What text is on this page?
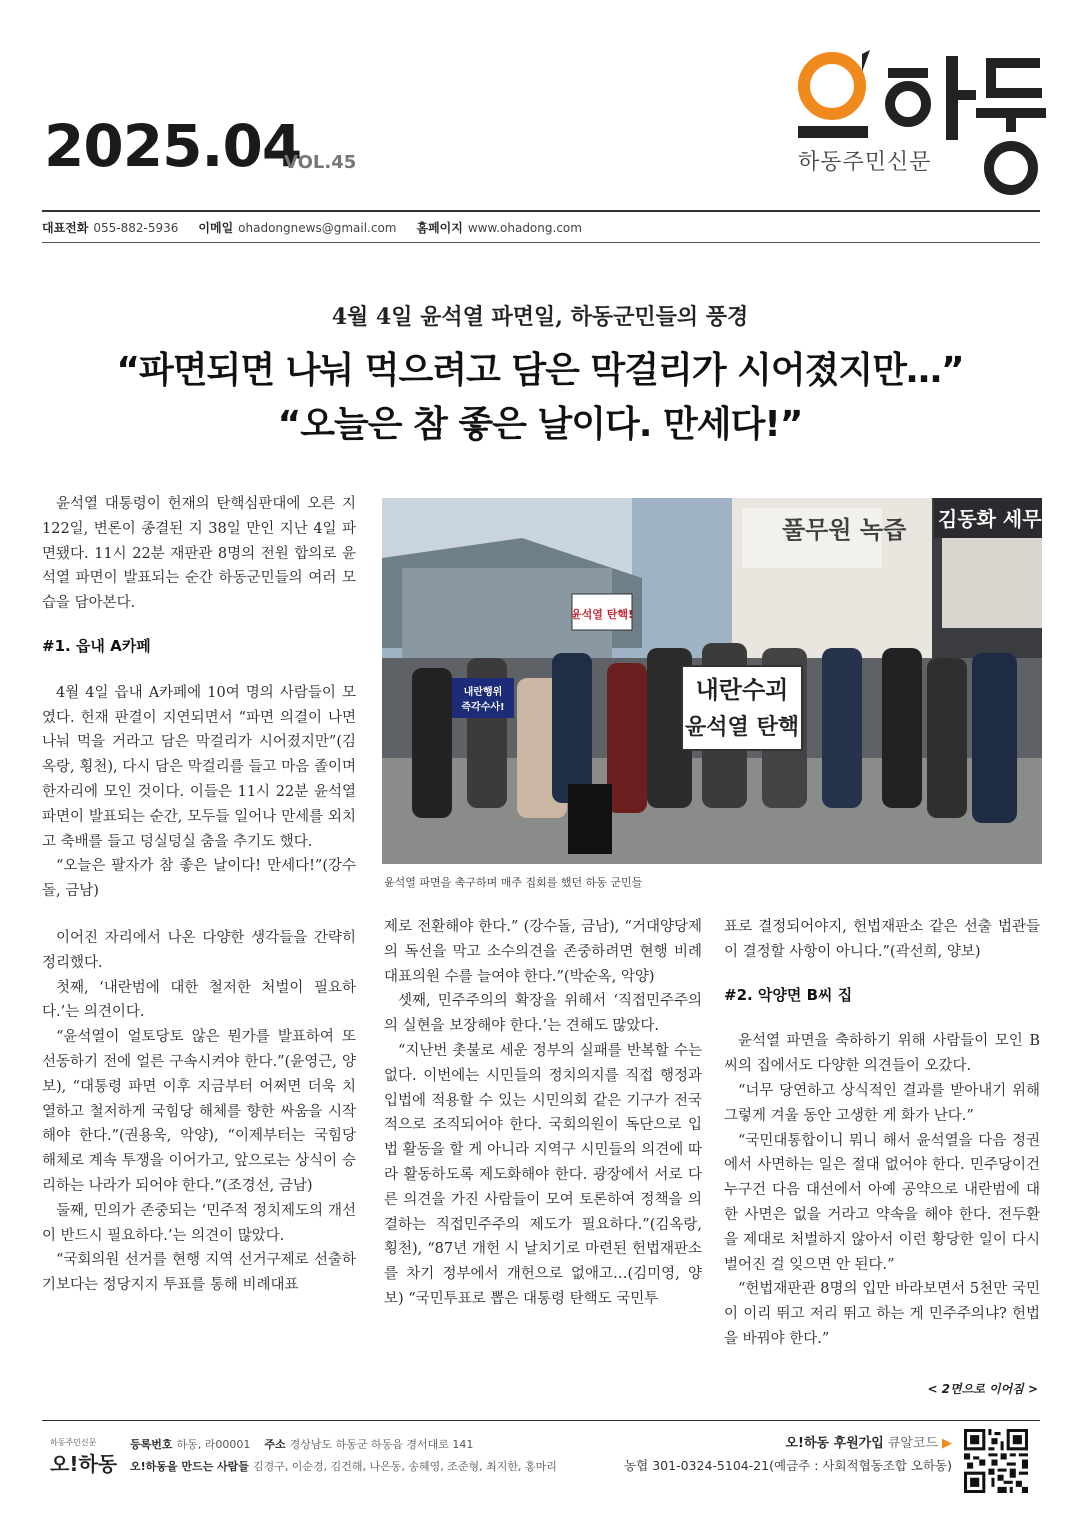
2025.04
VOL.45	하동주민신문
대표전화 055-882-5936 이메일 ohadongnews@gmail.com 홈페이지 www.ohadong.com
4월 4일 윤석열 파면일, 하동군민들의 풍경
“파면되면 나눠 먹으려고 담은 막걸리가 시어졌지만…”
“오늘은 참 좋은 날이다. 만세다!”

윤석열 대통령이 헌재의 탄핵심판대에 오른 지 122일, 변론이 종결된 지 38일 만인 지난 4일 파면됐다. 11시 22분 재판관 8명의 전원 합의로 윤석열 파면이 발표되는 순간 하동군민들의 여러 모습을 담아본다.

#1. 읍내 A카페

4월 4일 읍내 A카페에 10여 명의 사람들이 모였다. 헌재 판결이 지연되면서 “파면 의결이 나면 나눠 먹을 거라고 담은 막걸리가 시어졌지만”(김옥랑, 횡천), 다시 담은 막걸리를 들고 마음 졸이며 한자리에 모인 것이다. 이들은 11시 22분 윤석열 파면이 발표되는 순간, 모두들 일어나 만세를 외치고 축배를 들고 덩실덩실 춤을 추기도 했다.

“오늘은 팔자가 참 좋은 날이다! 만세다!”(강수돌, 금남)

이어진 자리에서 나온 다양한 생각들을 간략히 정리했다.

첫째, ‘내란범에 대한 철저한 처벌이 필요하다.’는 의견이다.

“윤석열이 얼토당토 않은 뭔가를 발표하여 또 선동하기 전에 얼른 구속시켜야 한다.”(윤영근, 양보), “대통령 파면 이후 지금부터 어쩌면 더욱 치열하고 철저하게 국힘당 해체를 향한 싸움을 시작해야 한다.”(권용욱, 악양), “이제부터는 국힘당 해체로 계속 투쟁을 이어가고, 앞으로는 상식이 승리하는 나라가 되어야 한다.”(조경선, 금남)

둘째, 민의가 존중되는 ‘민주적 정치제도의 개선이 반드시 필요하다.’는 의견이 많았다.

“국회의원 선거를 현행 지역 선거구제로 선출하기보다는 정당지지 투표를 통해 비례대표

풀무원 녹즙 김동화 세무
내란수괴
윤석열 탄핵
윤석열 탄핵!
내란행위
즉각수사!
윤석열 파면을 촉구하며 매주 집회를 했던 하동 군민들

제로 전환해야 한다.” (강수돌, 금남), “거대양당제의 독선을 막고 소수의견을 존중하려면 현행 비례대표의원 수를 늘여야 한다.”(박순옥, 악양)

셋째, 민주주의의 확장을 위해서 ‘직접민주주의의 실현을 보장해야 한다.’는 견해도 많았다.

“지난번 촛불로 세운 정부의 실패를 반복할 수는 없다. 이번에는 시민들의 정치의지를 직접 행정과 입법에 적용할 수 있는 시민의회 같은 기구가 전국적으로 조직되어야 한다. 국회의원이 독단으로 입법 활동을 할 게 아니라 지역구 시민들의 의견에 따라 활동하도록 제도화해야 한다. 광장에서 서로 다른 의견을 가진 사람들이 모여 토론하여 정책을 의결하는 직접민주주의 제도가 필요하다.”(김옥랑, 횡천), “87년 개헌 시 날치기로 마련된 헌법재판소를 차기 정부에서 개헌으로 없애고…(김미영, 양보) “국민투표로 뽑은 대통령 탄핵도 국민투

표로 결정되어야지, 헌법재판소 같은 선출 법관들이 결정할 사항이 아니다.”(곽선희, 양보)

#2. 악양면 B씨 집

윤석열 파면을 축하하기 위해 사람들이 모인 B씨의 집에서도 다양한 의견들이 오갔다.

“너무 당연하고 상식적인 결과를 받아내기 위해 그렇게 겨울 동안 고생한 게 화가 난다.”

“국민대통합이니 뭐니 해서 윤석열을 다음 정권에서 사면하는 일은 절대 없어야 한다. 민주당이건 누구건 다음 대선에서 아예 공약으로 내란범에 대한 사면은 없을 거라고 약속을 해야 한다. 전두환을 제대로 처벌하지 않아서 이런 황당한 일이 다시 벌어진 걸 잊으면 안 된다.”

“헌법재판관 8명의 입만 바라보면서 5천만 국민이 이리 뛰고 저리 뛰고 하는 게 민주주의냐? 헌법을 바꿔야 한다.”

< 2면으로 이어짐 >
하동주민신문
오!하동
등록번호 하동, 라00001 주소 경상남도 하동군 하동읍 경서대로 141
오!하동을 만드는 사람들 김경구, 이순경, 김건해, 나은동, 송혜영, 조준형, 최지한, 홍마리
오!하동 후원가입 큐알코드 ▶
농협 301-0324-5104-21(예금주 : 사회적협동조합 오하동)
